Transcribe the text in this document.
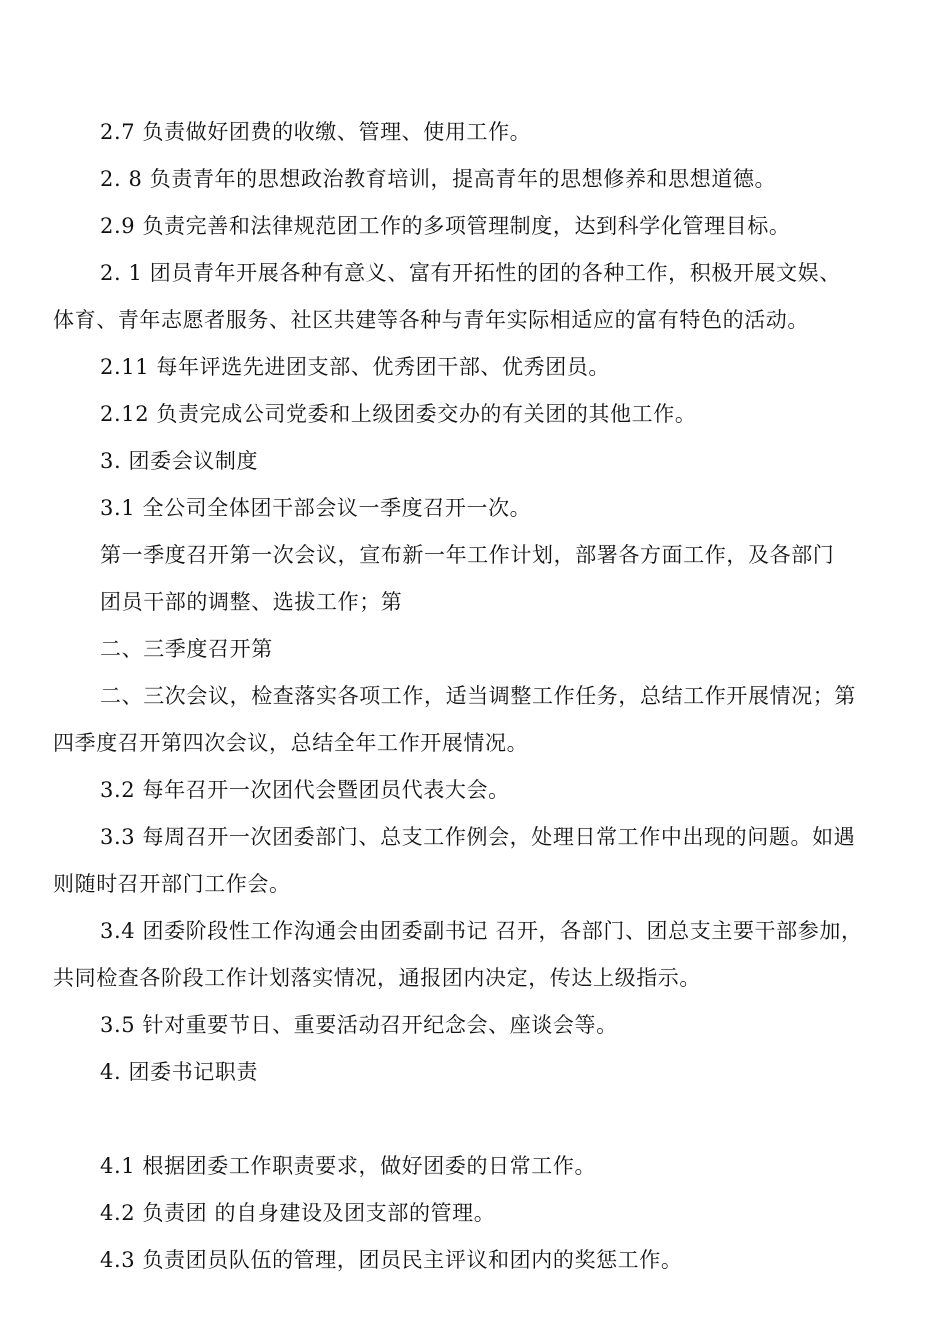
2.7 负责做好团费的收缴、管理、使用工作。
2. 8 负责青年的思想政治教育培训，提高青年的思想修养和思想道德。
2.9 负责完善和法律规范团工作的多项管理制度，达到科学化管理目标。
2. 1 团员青年开展各种有意义、富有开拓性的团的各种工作，积极开展文娱、
体育、青年志愿者服务、社区共建等各种与青年实际相适应的富有特色的活动。
2.11 每年评选先进团支部、优秀团干部、优秀团员。
2.12 负责完成公司党委和上级团委交办的有关团的其他工作。
3. 团委会议制度
3.1 全公司全体团干部会议一季度召开一次。
第一季度召开第一次会议，宣布新一年工作计划，部署各方面工作，及各部门
团员干部的调整、选拔工作；第
二、三季度召开第
二、三次会议，检查落实各项工作，适当调整工作任务，总结工作开展情况；第
四季度召开第四次会议，总结全年工作开展情况。
3.2 每年召开一次团代会暨团员代表大会。
3.3 每周召开一次团委部门、总支工作例会，处理日常工作中出现的问题。如遇
则随时召开部门工作会。
3.4 团委阶段性工作沟通会由团委副书记 召开，各部门、团总支主要干部参加，
共同检查各阶段工作计划落实情况，通报团内决定，传达上级指示。
3.5 针对重要节日、重要活动召开纪念会、座谈会等。
4. 团委书记职责
4.1 根据团委工作职责要求，做好团委的日常工作。
4.2 负责团 的自身建设及团支部的管理。
4.3 负责团员队伍的管理，团员民主评议和团内的奖惩工作。
